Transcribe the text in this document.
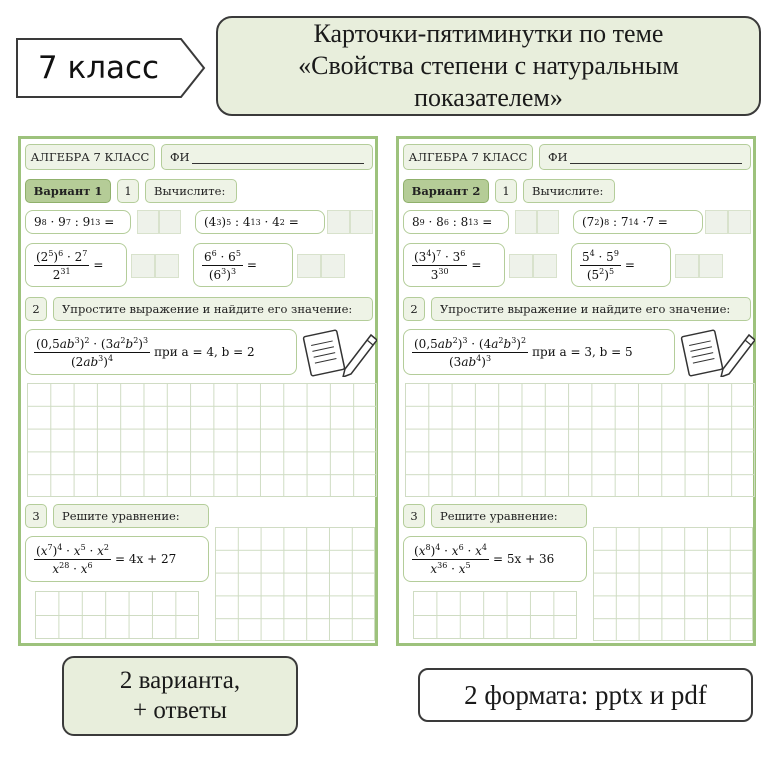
7 класс
Карточки-пятиминутки по теме
«Свойства степени с натуральным
показателем»
АЛГЕБРА 7 КЛАСС	ФИ
Вариант 1	1	Вычислите:
9 8 · 9 7 : 9 13 =	(4 3 ) 5 : 4 13 · 4 2 =
$\frac{(2^5)^6 \cdot 2^7}{2^{31}}$ =	$\frac{6^6 \cdot 6^5}{(6^3)^3}$ =
2	Упростите выражение и найдите его значение:
$\frac{(0,5ab^3)^2 \cdot (3a^2b^2)^3}{(2ab^3)^4}$ при a = 4, b = 2
3	Решите уравнение:
$\frac{(x^7)^4 \cdot x^5 \cdot x^2}{x^{28} \cdot x^6} = 4x + 27$
АЛГЕБРА 7 КЛАСС	ФИ
Вариант 2	1	Вычислите:
8 9 · 8 6 : 8 13 =	(7 2 ) 8 : 7 14 ·7 =
$\frac{(3^4)^7 \cdot 3^6}{3^{30}}$ =	$\frac{5^4 \cdot 5^9}{(5^2)^5}$ =
2	Упростите выражение и найдите его значение:
$\frac{(0,5ab^2)^3 \cdot (4a^2b^3)^2}{(3ab^4)^3}$ при a = 3, b = 5
3	Решите уравнение:
$\frac{(x^8)^4 \cdot x^6 \cdot x^4}{x^{36} \cdot x^5} = 5x + 36$
2 варианта,
+ ответы
2 формата: pptx и pdf
